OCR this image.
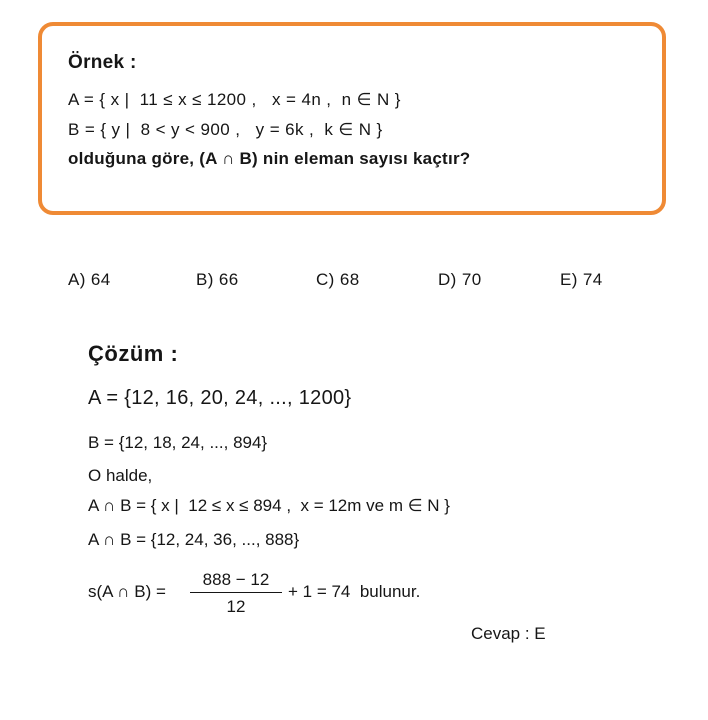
Örnek :
A = { x |  11 ≤ x ≤ 1200 ,   x = 4n ,  n ∈ N }
B = { y |  8 < y < 900 ,   y = 6k ,  k ∈ N }
olduğuna göre, (A ∩ B) nin eleman sayısı kaçtır?
A) 64	B) 66	C) 68	D) 70	E) 74
Çözüm :
A = {12, 16, 20, 24, ..., 1200}
B = {12, 18, 24, ..., 894}
O halde,
A ∩ B = { x |  12 ≤ x ≤ 894 ,  x = 12m ve m ∈ N }
A ∩ B = {12, 24, 36, ..., 888}
s(A ∩ B) =
888 − 12
12
+ 1 = 74  bulunur.
Cevap : E
